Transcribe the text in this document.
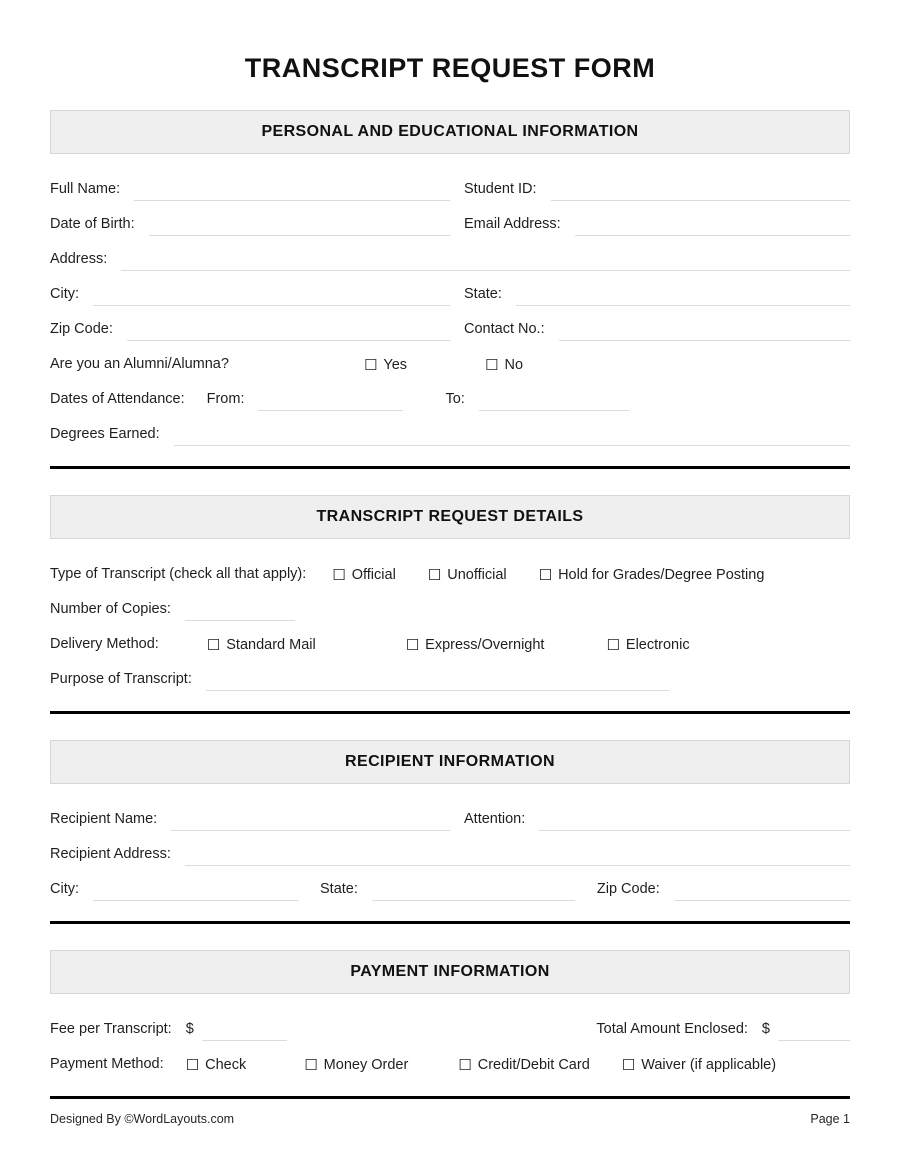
TRANSCRIPT REQUEST FORM
PERSONAL AND EDUCATIONAL INFORMATION
Full Name:	Student ID:
Date of Birth:	Email Address:
Address:
City:	State:
Zip Code:	Contact No.:
Are you an Alumni/Alumna?	☐ Yes	☐ No
Dates of Attendance: From:	To:
Degrees Earned:
TRANSCRIPT REQUEST DETAILS
Type of Transcript (check all that apply): ☐ Official ☐ Unofficial ☐ Hold for Grades/Degree Posting
Number of Copies:
Delivery Method:	☐ Standard Mail	☐ Express/Overnight	☐ Electronic
Purpose of Transcript:
RECIPIENT INFORMATION
Recipient Name:	Attention:
Recipient Address:
City:	State:	Zip Code:
PAYMENT INFORMATION
Fee per Transcript: $	Total Amount Enclosed: $
Payment Method: ☐ Check	☐ Money Order	☐ Credit/Debit Card ☐ Waiver (if applicable)
Designed By ©WordLayouts.com	Page 1
